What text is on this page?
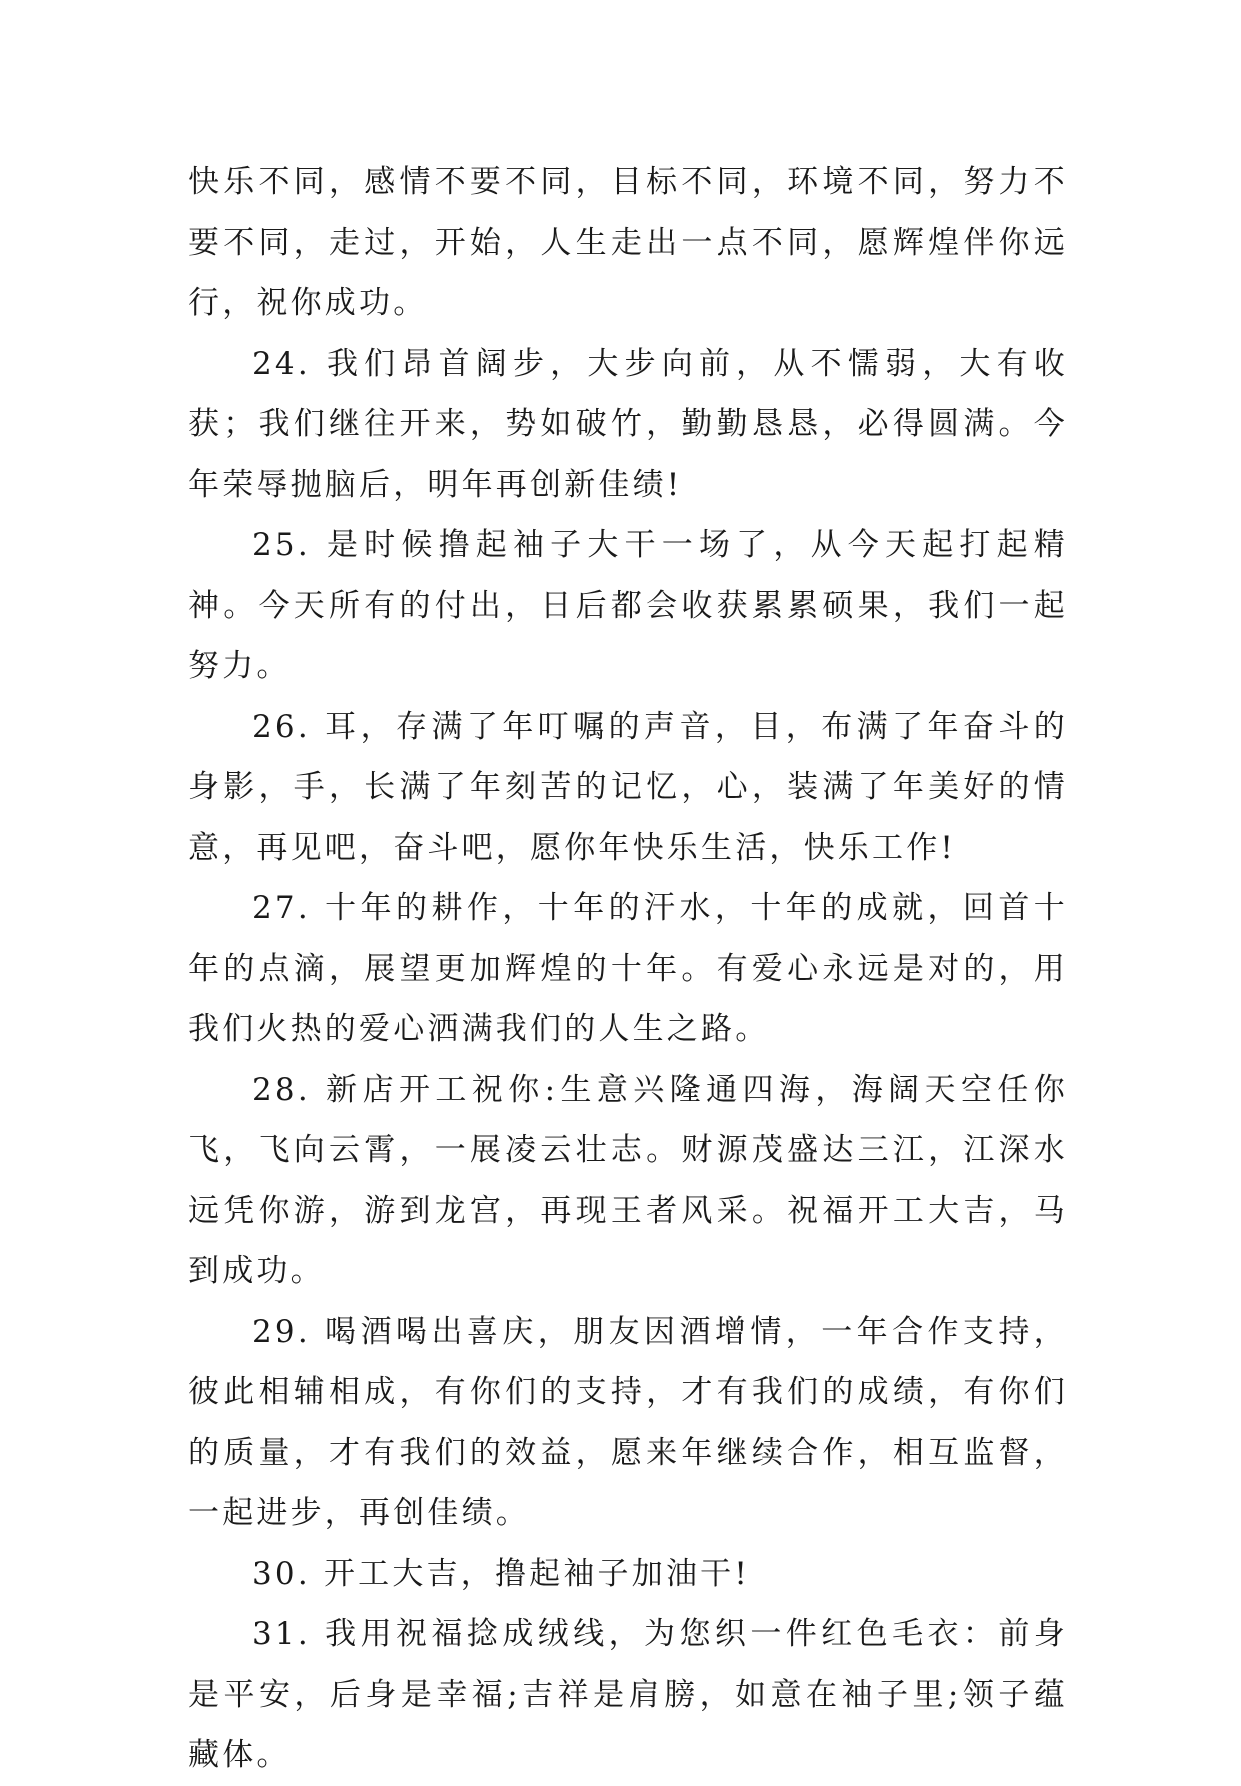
快乐不同，感情不要不同，目标不同，环境不同，努力不要不同，走过，开始，人生走出一点不同，愿辉煌伴你远行，祝你成功。

24. 我们昂首阔步，大步向前，从不懦弱，大有收获；我们继往开来，势如破竹，勤勤恳恳，必得圆满。今年荣辱抛脑后，明年再创新佳绩!

25. 是时候撸起袖子大干一场了，从今天起打起精神。今天所有的付出，日后都会收获累累硕果，我们一起努力。

26. 耳，存满了年叮嘱的声音，目，布满了年奋斗的身影，手，长满了年刻苦的记忆，心，装满了年美好的情意，再见吧，奋斗吧，愿你年快乐生活，快乐工作!

27. 十年的耕作，十年的汗水，十年的成就，回首十年的点滴，展望更加辉煌的十年。有爱心永远是对的，用我们火热的爱心洒满我们的人生之路。

28. 新店开工祝你:生意兴隆通四海，海阔天空任你飞，飞向云霄，一展凌云壮志。财源茂盛达三江，江深水远凭你游，游到龙宫，再现王者风采。祝福开工大吉，马到成功。

29. 喝酒喝出喜庆，朋友因酒增情，一年合作支持，彼此相辅相成，有你们的支持，才有我们的成绩，有你们的质量，才有我们的效益，愿来年继续合作，相互监督，一起进步，再创佳绩。

30. 开工大吉，撸起袖子加油干!

31. 我用祝福捻成绒线，为您织一件红色毛衣：前身是平安，后身是幸福;吉祥是肩膀，如意在袖子里;领子蕴藏体。
